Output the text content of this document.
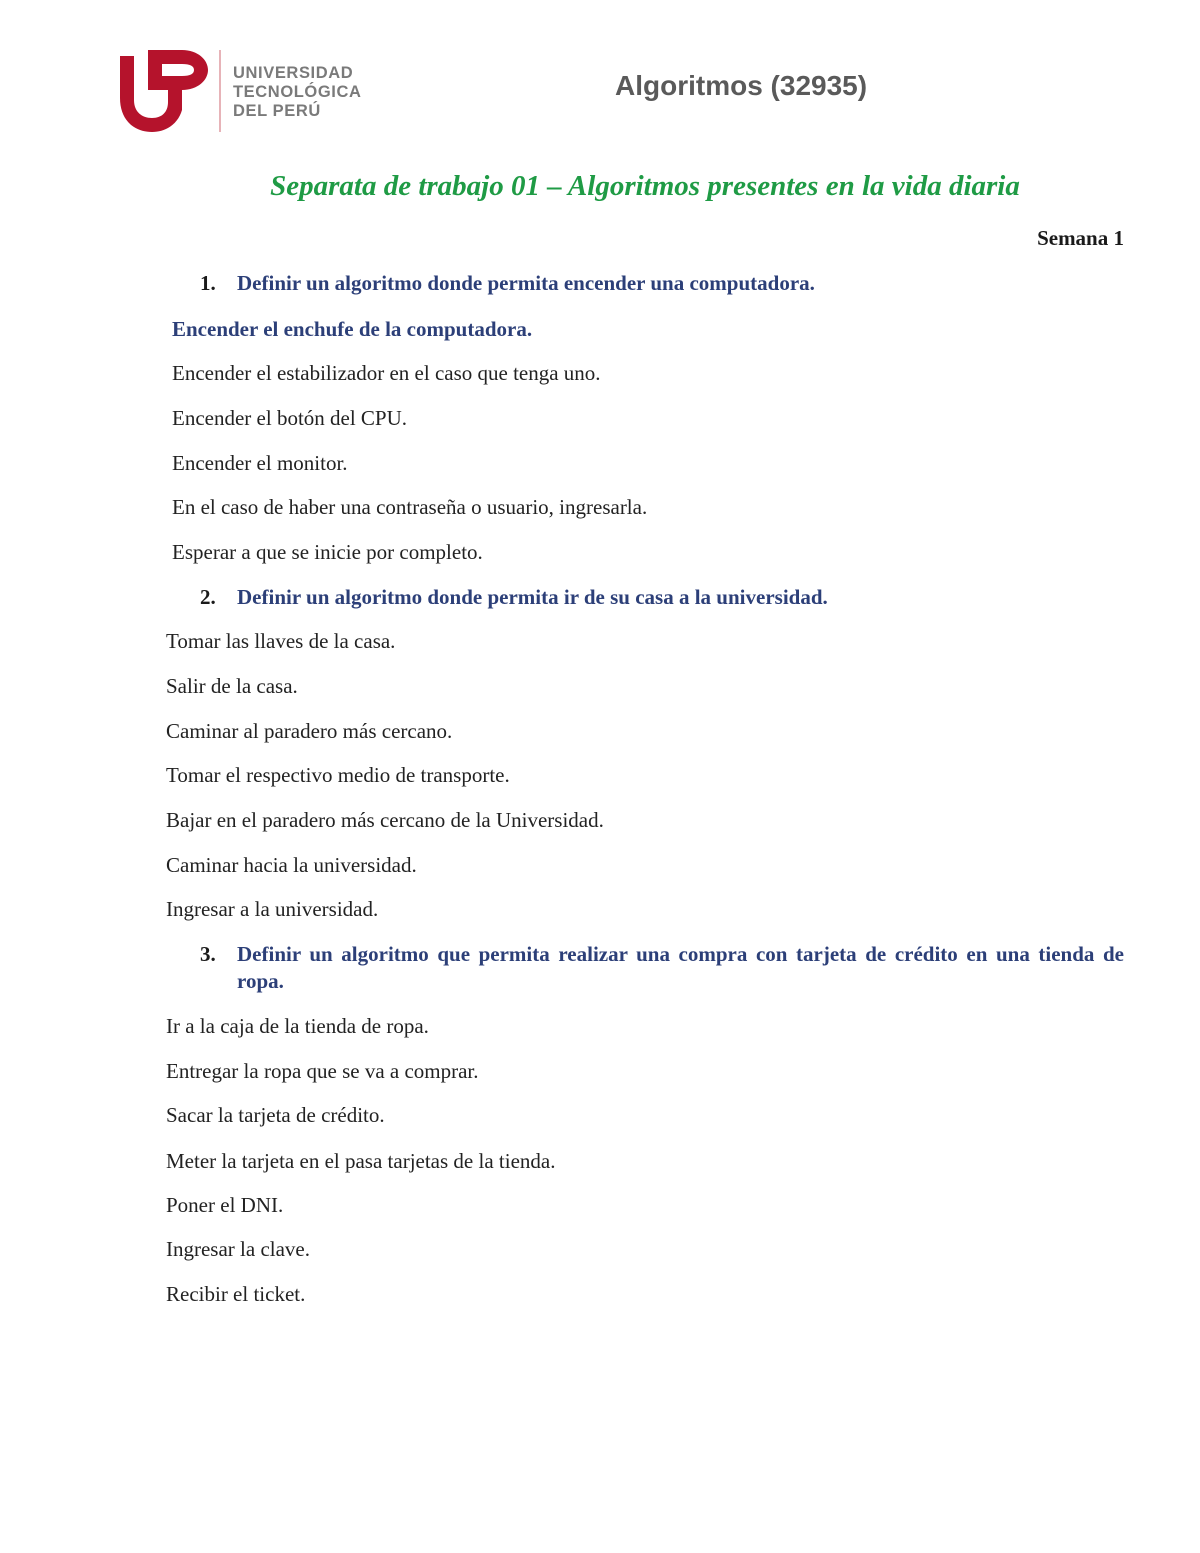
UNIVERSIDAD
TECNOLÓGICA
DEL PERÚ
Algoritmos (32935)
Separata de trabajo 01 – Algoritmos presentes en la vida diaria
Semana 1
1. Definir un algoritmo donde permita encender una computadora.
Encender el enchufe de la computadora.
Encender el estabilizador en el caso que tenga uno.
Encender el botón del CPU.
Encender el monitor.
En el caso de haber una contraseña o usuario, ingresarla.
Esperar a que se inicie por completo.
2. Definir un algoritmo donde permita ir de su casa a la universidad.
Tomar las llaves de la casa.
Salir de la casa.
Caminar al paradero más cercano.
Tomar el respectivo medio de transporte.
Bajar en el paradero más cercano de la Universidad.
Caminar hacia la universidad.
Ingresar a la universidad.
3. Definir un algoritmo que permita realizar una compra con tarjeta de crédito en una tienda de ropa.
Ir a la caja de la tienda de ropa.
Entregar la ropa que se va a comprar.
Sacar la tarjeta de crédito.
Meter la tarjeta en el pasa tarjetas de la tienda.
Poner el DNI.
Ingresar la clave.
Recibir el ticket.
